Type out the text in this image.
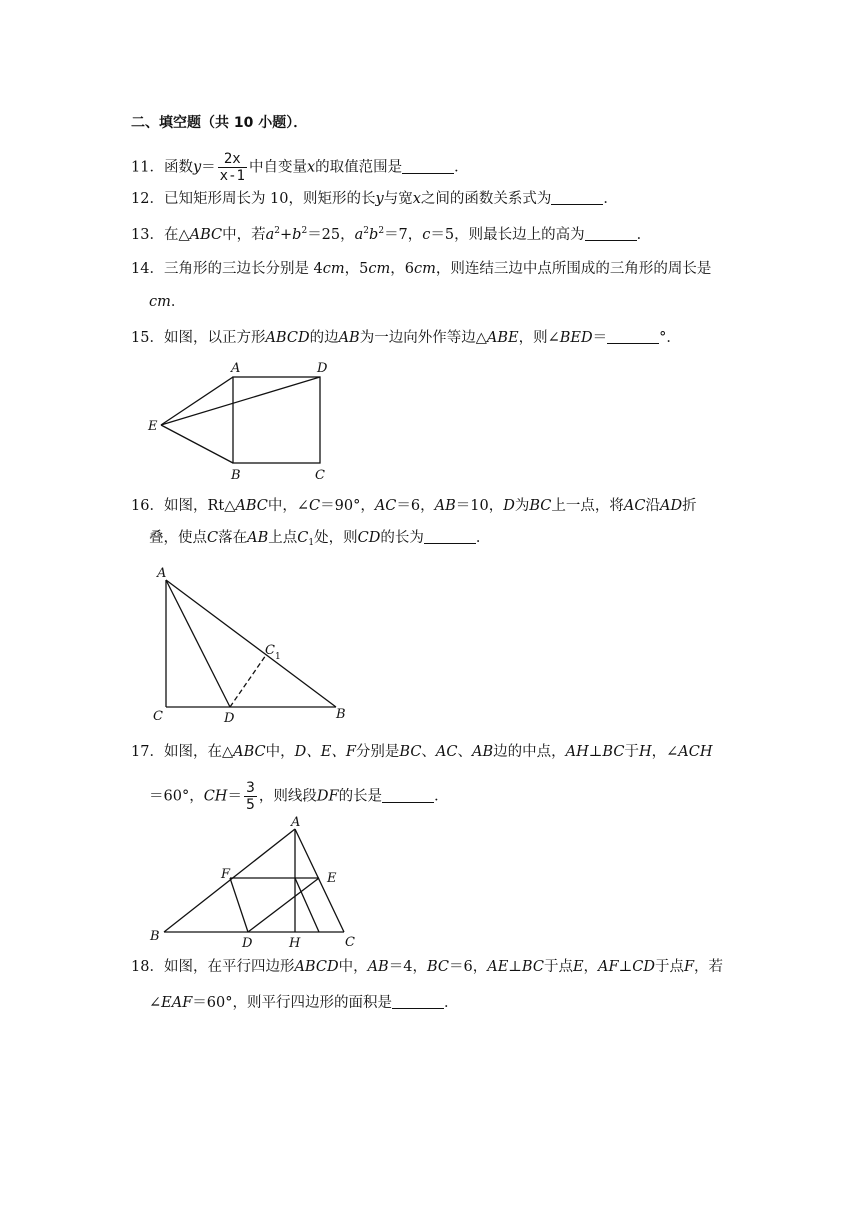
二、填空题（共 10 小题）．
11．函数$y= \frac{2x}{x-1}$ 中自变量x的取值范围是	．
12．已知矩形周长为 10，则矩形的长y与宽x之间的函数关系式为	．
13．在△ABC中，若$a^2+b^2=25$，$a^2b^2=7$，c＝5，则最长边上的高为	．
14．三角形的三边长分别是 4cm，5cm，6cm，则连结三边中点所围成的三角形的周长是
cm．
15．如图，以正方形ABCD的边AB为一边向外作等边△ABE，则∠BED＝	°．
A
B	C
D
E
16．如图，Rt△ABC中，∠C＝90°，AC＝6，AB＝10，D为BC上一点，将AC沿AD折
叠，使点C落在AB上点$C_1$处，则CD的长为	．
A
C	D	B
C 1
17．如图，在△ABC中，D、E、F分别是BC、AC、AB边的中点，AH⊥BC于H，∠ACH
＝60°，$CH= \frac{3}{5}$ ，则线段DF的长是	．
A
B	C
D
E
F
H
18．如图，在平行四边形ABCD中，AB＝4，BC＝6，AE⊥BC于点E，AF⊥CD于点F，若
∠EAF＝60°，则平行四边形的面积是	．
